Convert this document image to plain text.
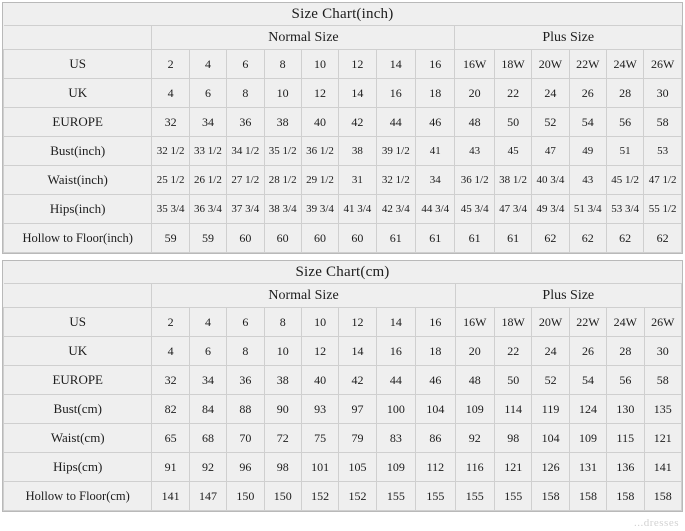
Size Chart(inch)														
	Normal Size								Plus Size					
US	2	4	6	8	10	12	14	16	16W	18W	20W	22W	24W	26W
UK	4	6	8	10	12	14	16	18	20	22	24	26	28	30
EUROPE	32	34	36	38	40	42	44	46	48	50	52	54	56	58
Bust(inch)	32 1/2	33 1/2	34 1/2	35 1/2	36 1/2	38	39 1/2	41	43	45	47	49	51	53
Waist(inch)	25 1/2	26 1/2	27 1/2	28 1/2	29 1/2	31	32 1/2	34	36 1/2	38 1/2	40 3/4	43	45 1/2	47 1/2
Hips(inch)	35 3/4	36 3/4	37 3/4	38 3/4	39 3/4	41 3/4	42 3/4	44 3/4	45 3/4	47 3/4	49 3/4	51 3/4	53 3/4	55 1/2
Hollow to Floor(inch)	59	59	60	60	60	60	61	61	61	61	62	62	62	62
Size Chart(cm)														
	Normal Size								Plus Size					
US	2	4	6	8	10	12	14	16	16W	18W	20W	22W	24W	26W
UK	4	6	8	10	12	14	16	18	20	22	24	26	28	30
EUROPE	32	34	36	38	40	42	44	46	48	50	52	54	56	58
Bust(cm)	82	84	88	90	93	97	100	104	109	114	119	124	130	135
Waist(cm)	65	68	70	72	75	79	83	86	92	98	104	109	115	121
Hips(cm)	91	92	96	98	101	105	109	112	116	121	126	131	136	141
Hollow to Floor(cm)	141	147	150	150	152	152	155	155	155	155	158	158	158	158
...dresses
